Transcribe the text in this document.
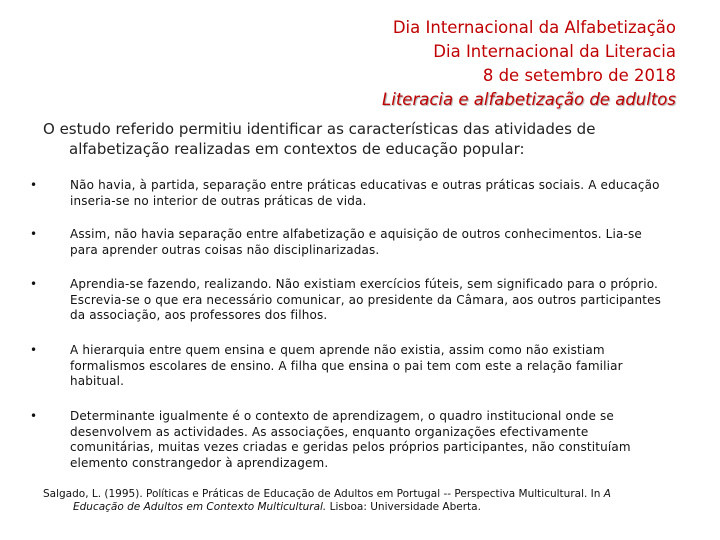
Dia Internacional da Alfabetização
Dia Internacional da Literacia
8 de setembro de 2018
Literacia e alfabetização de adultos
O estudo referido permitiu identificar as características das atividades de
alfabetização realizadas em contextos de educação popular:
•	Não havia, à partida, separação entre práticas educativas e outras práticas sociais. A educação inseria-se no interior de outras práticas de vida.
•	Assim, não havia separação entre alfabetização e aquisição de outros conhecimentos. Lia-se para aprender outras coisas não disciplinarizadas.
•	Aprendia-se fazendo, realizando. Não existiam exercícios fúteis, sem significado para o próprio. Escrevia-se o que era necessário comunicar, ao presidente da Câmara, aos outros participantes da associação, aos professores dos filhos.
•	A hierarquia entre quem ensina e quem aprende não existia, assim como não existiam formalismos escolares de ensino. A filha que ensina o pai tem com este a relação familiar habitual.
•	Determinante igualmente é o contexto de aprendizagem, o quadro institucional onde se desenvolvem as actividades. As associações, enquanto organizações efectivamente comunitárias, muitas vezes criadas e geridas pelos próprios participantes, não constituíam elemento constrangedor à aprendizagem.
Salgado, L. (1995). Políticas e Práticas de Educação de Adultos em Portugal -- Perspectiva Multicultural. In A
Educação de Adultos em Contexto Multicultural. Lisboa: Universidade Aberta.
